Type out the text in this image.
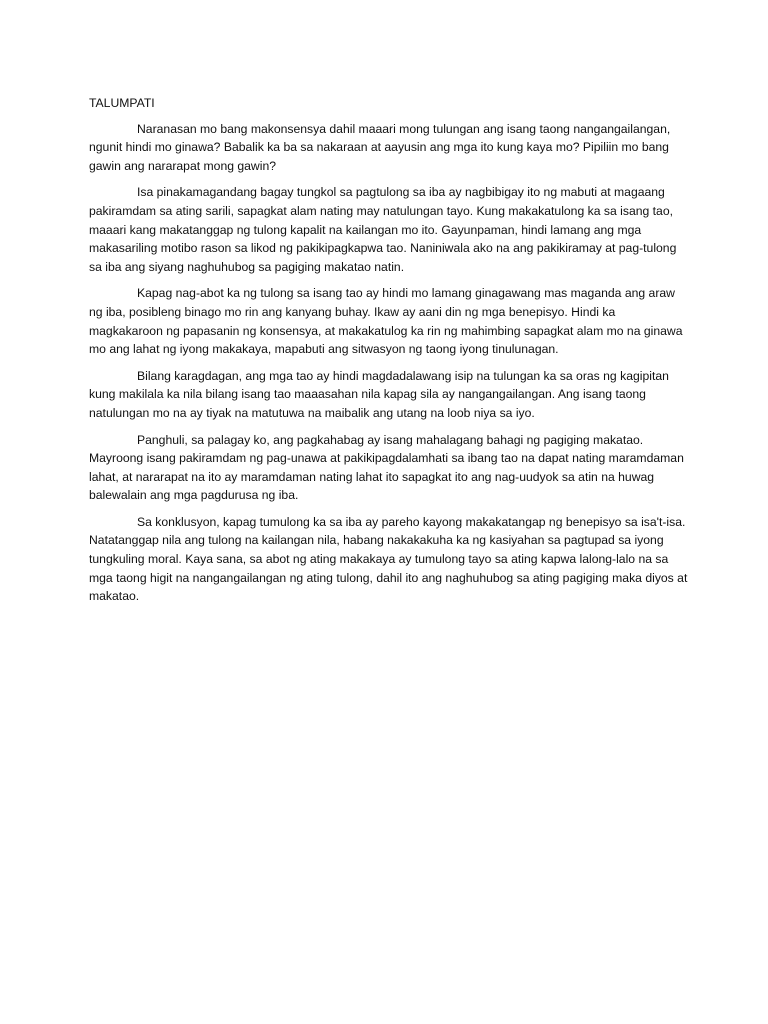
TALUMPATI

Naranasan mo bang makonsensya dahil maaari mong tulungan ang isang taong nangangailangan, ngunit hindi mo ginawa? Babalik ka ba sa nakaraan at aayusin ang mga ito kung kaya mo? Pipiliin mo bang gawin ang nararapat mong gawin?

Isa pinakamagandang bagay tungkol sa pagtulong sa iba ay nagbibigay ito ng mabuti at magaang pakiramdam sa ating sarili, sapagkat alam nating may natulungan tayo. Kung makakatulong ka sa isang tao, maaari kang makatanggap ng tulong kapalit na kailangan mo ito. Gayunpaman, hindi lamang ang mga makasariling motibo rason sa likod ng pakikipagkapwa tao. Naniniwala ako na ang pakikiramay at pag-tulong sa iba ang siyang naghuhubog sa pagiging makatao natin.

Kapag nag-abot ka ng tulong sa isang tao ay hindi mo lamang ginagawang mas maganda ang araw ng iba, posibleng binago mo rin ang kanyang buhay. Ikaw ay aani din ng mga benepisyo. Hindi ka magkakaroon ng papasanin ng konsensya, at makakatulog ka rin ng mahimbing sapagkat alam mo na ginawa mo ang lahat ng iyong makakaya, mapabuti ang sitwasyon ng taong iyong tinulunagan.

Bilang karagdagan, ang mga tao ay hindi magdadalawang isip na tulungan ka sa oras ng kagipitan kung makilala ka nila bilang isang tao maaasahan nila kapag sila ay nangangailangan. Ang isang taong natulungan mo na ay tiyak na matutuwa na maibalik ang utang na loob niya sa iyo.

Panghuli, sa palagay ko, ang pagkahabag ay isang mahalagang bahagi ng pagiging makatao. Mayroong isang pakiramdam ng pag-unawa at pakikipagdalamhati sa ibang tao na dapat nating maramdaman lahat, at nararapat na ito ay maramdaman nating lahat ito sapagkat ito ang nag-uudyok sa atin na huwag balewalain ang mga pagdurusa ng iba.

Sa konklusyon, kapag tumulong ka sa iba ay pareho kayong makakatangap ng benepisyo sa isa't-isa. Natatanggap nila ang tulong na kailangan nila, habang nakakakuha ka ng kasiyahan sa pagtupad sa iyong tungkuling moral. Kaya sana, sa abot ng ating makakaya ay tumulong tayo sa ating kapwa lalong-lalo na sa mga taong higit na nangangailangan ng ating tulong, dahil ito ang naghuhubog sa ating pagiging maka diyos at makatao.
